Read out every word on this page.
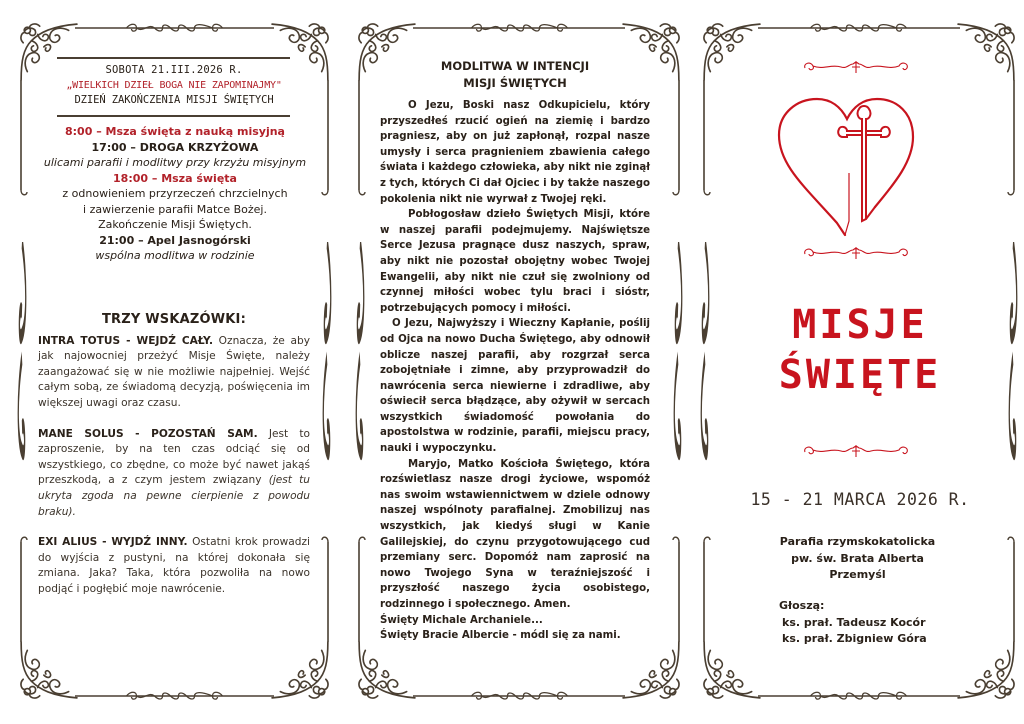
SOBOTA 21.III.2026 R.
„WIELKICH DZIEŁ BOGA NIE ZAPOMINAJMY"
DZIEŃ ZAKOŃCZENIA MISJI ŚWIĘTYCH
8:00 – Msza święta z nauką misyjną
17:00 – DROGA KRZYŻOWA
ulicami parafii i modlitwy przy krzyżu misyjnym
18:00 – Msza święta
z odnowieniem przyrzeczeń chrzcielnych
i zawierzenie parafii Matce Bożej.
Zakończenie Misji Świętych.
21:00 – Apel Jasnogórski
wspólna modlitwa w rodzinie
TRZY WSKAZÓWKI:

INTRA TOTUS - WEJDŹ CAŁY. Oznacza, że aby jak najowocniej przeżyć Misje Święte, należy zaangażować się w nie możliwie najpełniej. Wejść całym sobą, ze świadomą decyzją, poświęcenia im większej uwagi oraz czasu.

MANE SOLUS - POZOSTAŃ SAM. Jest to zaproszenie, by na ten czas odciąć się od wszystkiego, co zbędne, co może być nawet jakąś przeszkodą, a z czym jestem związany (jest tu ukryta zgoda na pewne cierpienie z powodu braku).

EXI ALIUS - WYJDŹ INNY. Ostatni krok prowadzi do wyjścia z pustyni, na której dokonała się zmiana. Jaka? Taka, która pozwoliła na nowo podjąć i pogłębić moje nawrócenie.

MODLITWA W INTENCJI
MISJI ŚWIĘTYCH

O Jezu, Boski nasz Odkupicielu, który przyszedłeś rzucić ogień na ziemię i bardzo pragniesz, aby on już zapłonął, rozpal nasze umysły i serca pragnieniem zbawienia całego świata i każdego człowieka, aby nikt nie zginął z tych, których Ci dał Ojciec i by także naszego pokolenia nikt nie wyrwał z Twojej ręki.

Pobłogosław dzieło Świętych Misji, które w naszej parafii podejmujemy. Najświętsze Serce Jezusa pragnące dusz naszych, spraw, aby nikt nie pozostał obojętny wobec Twojej Ewangelii, aby nikt nie czuł się zwolniony od czynnej miłości wobec tylu braci i sióstr, potrzebujących pomocy i miłości.

O Jezu, Najwyższy i Wieczny Kapłanie, poślij od Ojca na nowo Ducha Świętego, aby odnowił oblicze naszej parafii, aby rozgrzał serca zobojętniałe i zimne, aby przyprowadził do nawrócenia serca niewierne i zdradliwe, aby oświecił serca błądzące, aby ożywił w sercach wszystkich świadomość powołania do apostolstwa w rodzinie, parafii, miejscu pracy, nauki i wypoczynku.

Maryjo, Matko Kościoła Świętego, która rozświetlasz nasze drogi życiowe, wspomóż nas swoim wstawiennictwem w dziele odnowy naszej wspólnoty parafialnej. Zmobilizuj nas wszystkich, jak kiedyś sługi w Kanie Galilejskiej, do czynu przygotowującego cud przemiany serc. Dopomóż nam zaprosić na nowo Twojego Syna w teraźniejszość i przyszłość naszego życia osobistego, rodzinnego i społecznego. Amen.

Święty Michale Archaniele...

Święty Bracie Albercie - módl się za nami.

MISJE
ŚWIĘTE
15 - 21 MARCA 2026 R.
Parafia rzymskokatolicka
pw. św. Brata Alberta
Przemyśl
Głoszą:
ks. prał. Tadeusz Kocór
ks. prał. Zbigniew Góra
